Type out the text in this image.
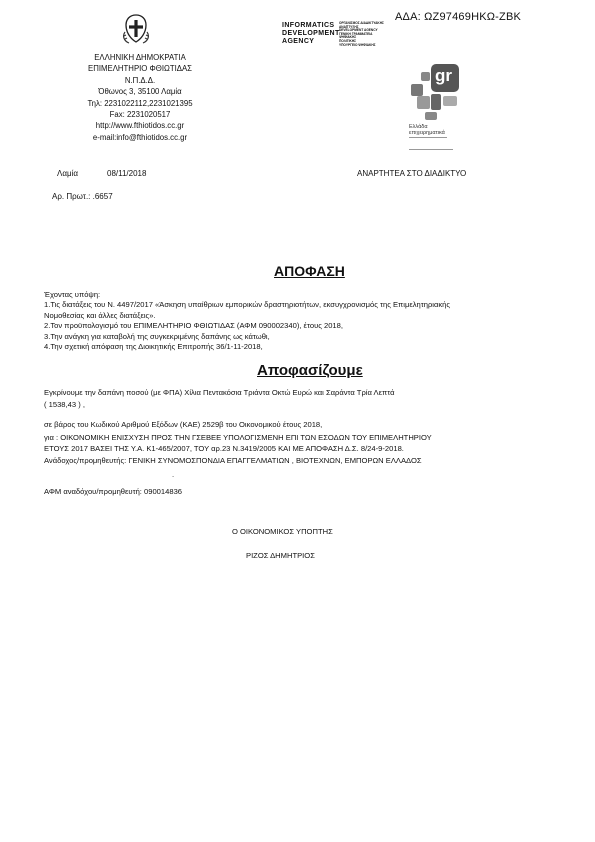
ΑΔΑ: ΩΖ97469ΗΚΩ-ΖΒΚ
ΕΛΛΗΝΙΚΗ ΔΗΜΟΚΡΑΤΙΑ
ΕΠΙΜΕΛΗΤΗΡΙΟ ΦΘΙΩΤΙΔΑΣ
Ν.Π.Δ.Δ.
Όθωνος 3, 35100 Λαμία
Τηλ: 2231022112,2231021395
Fax: 2231020517
http://www.fthiotidos.cc.gr
e-mail:info@fthiotidos.cc.gr
INFORMATICS
DEVELOPMENT
AGENCY
ΟΡΓΑΝΙΣΜΟΣ ΔΙΑΔΙΚΤΥΑΚΗΣ
ΑΝΑΠΤΥΞΗΣ
DEVELOPMENT AGENCY
ΓΕΝΙΚΗ ΓΡΑΜΜΑΤΕΙΑ
ΨΗΦΙΑΚΗΣ
ΠΟΛΙΤΙΚΗΣ
ΥΠΟΥΡΓΕΙΟ ΨΗΦΙΑΚΗΣ
gr
Ελλάδα
επιχειρηματικά
Λαμία	08/11/2018	ΑΝΑΡΤΗΤΕΑ ΣΤΟ ΔΙΑΔΙΚΤΥΟ
Αρ. Πρωτ.: .6657
ΑΠΟΦΑΣΗ

Έχοντας υπόψη:

1.Τις διατάξεις του Ν. 4497/2017 «Άσκηση υπαίθριων εμπορικών δραστηριοτήτων, εκσυγχρονισμός της Επιμελητηριακής

Νομοθεσίας και άλλες διατάξεις».

2.Τον προϋπολογισμό του ΕΠΙΜΕΛΗΤΗΡΙΟ ΦΘΙΩΤΙΔΑΣ (ΑΦΜ 090002340), έτους 2018,

3.Την ανάγκη για καταβολή της συγκεκριμένης δαπάνης ως κάτωθι,

4.Την σχετική απόφαση της Διοικητικής Επιτροπής 36/1-11-2018,

Αποφασίζουμε
Εγκρίνουμε την δαπάνη ποσού (με ΦΠΑ) Χίλια Πεντακόσια Τριάντα Οκτώ Ευρώ και Σαράντα Τρία Λεπτά
( 1538,43 ) ,
σε βάρος του Κωδικού Αριθμού Εξόδων (ΚΑΕ) 2529β του Οικονομικού έτους 2018,
για : ΟΙΚΟΝΟΜΙΚΗ ΕΝΙΣΧΥΣΗ ΠΡΟΣ ΤΗΝ ΓΣΕΒΕΕ ΥΠΟΛΟΓΙΣΜΕΝΗ ΕΠΙ ΤΩΝ ΕΣΟΔΩΝ ΤΟΥ ΕΠΙΜΕΛΗΤΗΡΙΟΥ
ΕΤΟΥΣ 2017 ΒΑΣΕΙ ΤΗΣ Υ.Α. Κ1-465/2007, ΤΟΥ αρ.23 Ν.3419/2005 ΚΑΙ ΜΕ ΑΠΟΦΑΣΗ Δ.Σ. 8/24-9-2018.
Ανάδοχος/προμηθευτής: ΓΕΝΙΚΗ ΣΥΝΟΜΟΣΠΟΝΔΙΑ ΕΠΑΓΓΕΛΜΑΤΙΩΝ , ΒΙΟΤΕΧΝΩΝ, ΕΜΠΟΡΩΝ ΕΛΛΑΔΟΣ
.
ΑΦΜ αναδόχου/προμηθευτή: 090014836
Ο ΟΙΚΟΝΟΜΙΚΟΣ ΥΠΟΠΤΗΣ
ΡΙΖΟΣ ΔΗΜΗΤΡΙΟΣ
